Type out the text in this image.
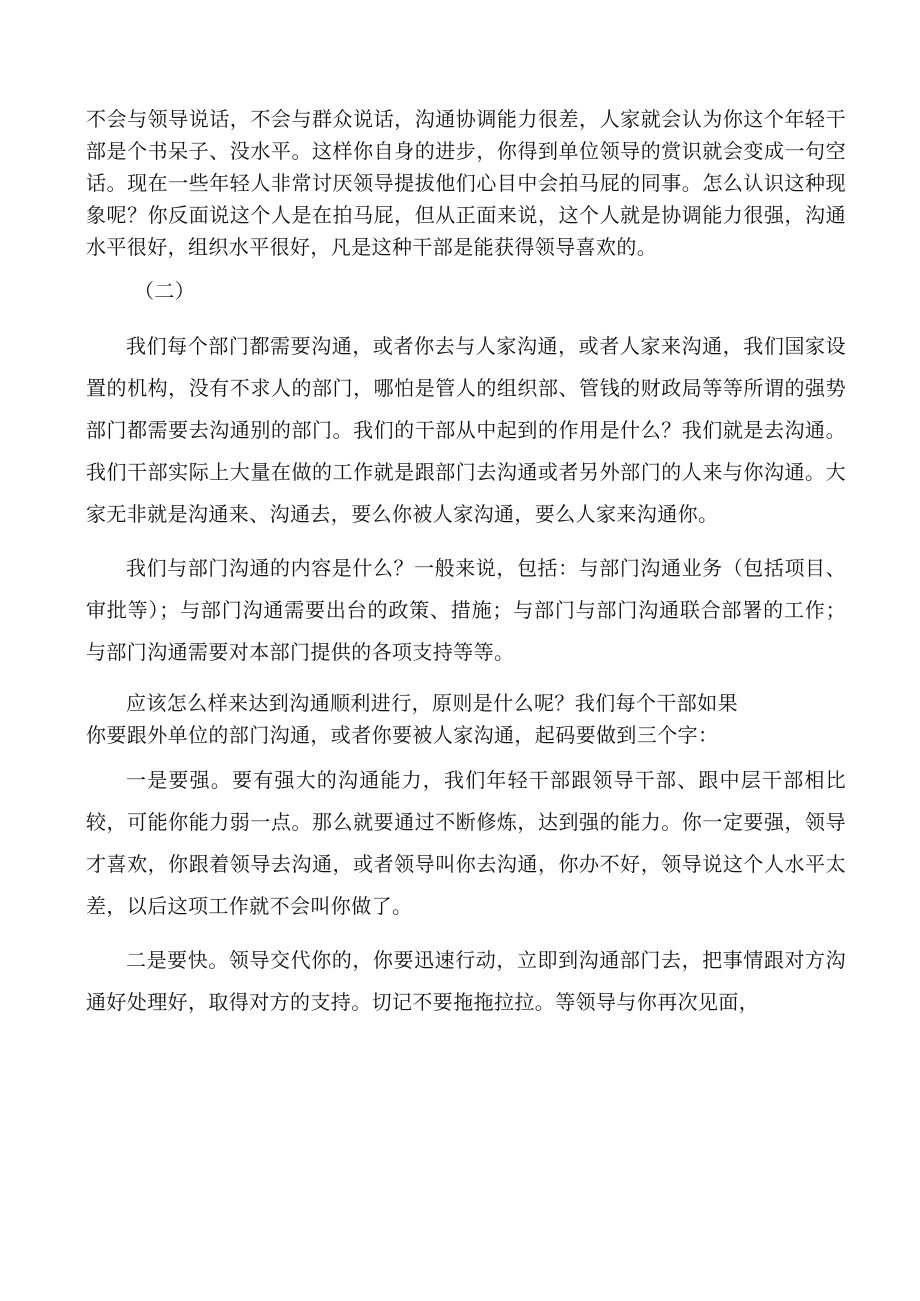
不会与领导说话，不会与群众说话，沟通协调能力很差，人家就会认为你这个年轻干部是个书呆子、没水平。这样你自身的进步，你得到单位领导的赏识就会变成一句空话。现在一些年轻人非常讨厌领导提拔他们心目中会拍马屁的同事。怎么认识这种现象呢？你反面说这个人是在拍马屁，但从正面来说，这个人就是协调能力很强，沟通水平很好，组织水平很好，凡是这种干部是能获得领导喜欢的。

（二）

我们每个部门都需要沟通，或者你去与人家沟通，或者人家来沟通，我们国家设置的机构，没有不求人的部门，哪怕是管人的组织部、管钱的财政局等等所谓的强势部门都需要去沟通别的部门。我们的干部从中起到的作用是什么？我们就是去沟通。我们干部实际上大量在做的工作就是跟部门去沟通或者另外部门的人来与你沟通。大家无非就是沟通来、沟通去，要么你被人家沟通，要么人家来沟通你。

我们与部门沟通的内容是什么？一般来说，包括：与部门沟通业务（包括项目、审批等）；与部门沟通需要出台的政策、措施；与部门与部门沟通联合部署的工作；与部门沟通需要对本部门提供的各项支持等等。

应该怎么样来达到沟通顺利进行，原则是什么呢？我们每个干部如果

你要跟外单位的部门沟通，或者你要被人家沟通，起码要做到三个字：

一是要强。要有强大的沟通能力，我们年轻干部跟领导干部、跟中层干部相比较，可能你能力弱一点。那么就要通过不断修炼，达到强的能力。你一定要强，领导才喜欢，你跟着领导去沟通，或者领导叫你去沟通，你办不好，领导说这个人水平太差，以后这项工作就不会叫你做了。

二是要快。领导交代你的，你要迅速行动，立即到沟通部门去，把事情跟对方沟通好处理好，取得对方的支持。切记不要拖拖拉拉。等领导与你再次见面，
